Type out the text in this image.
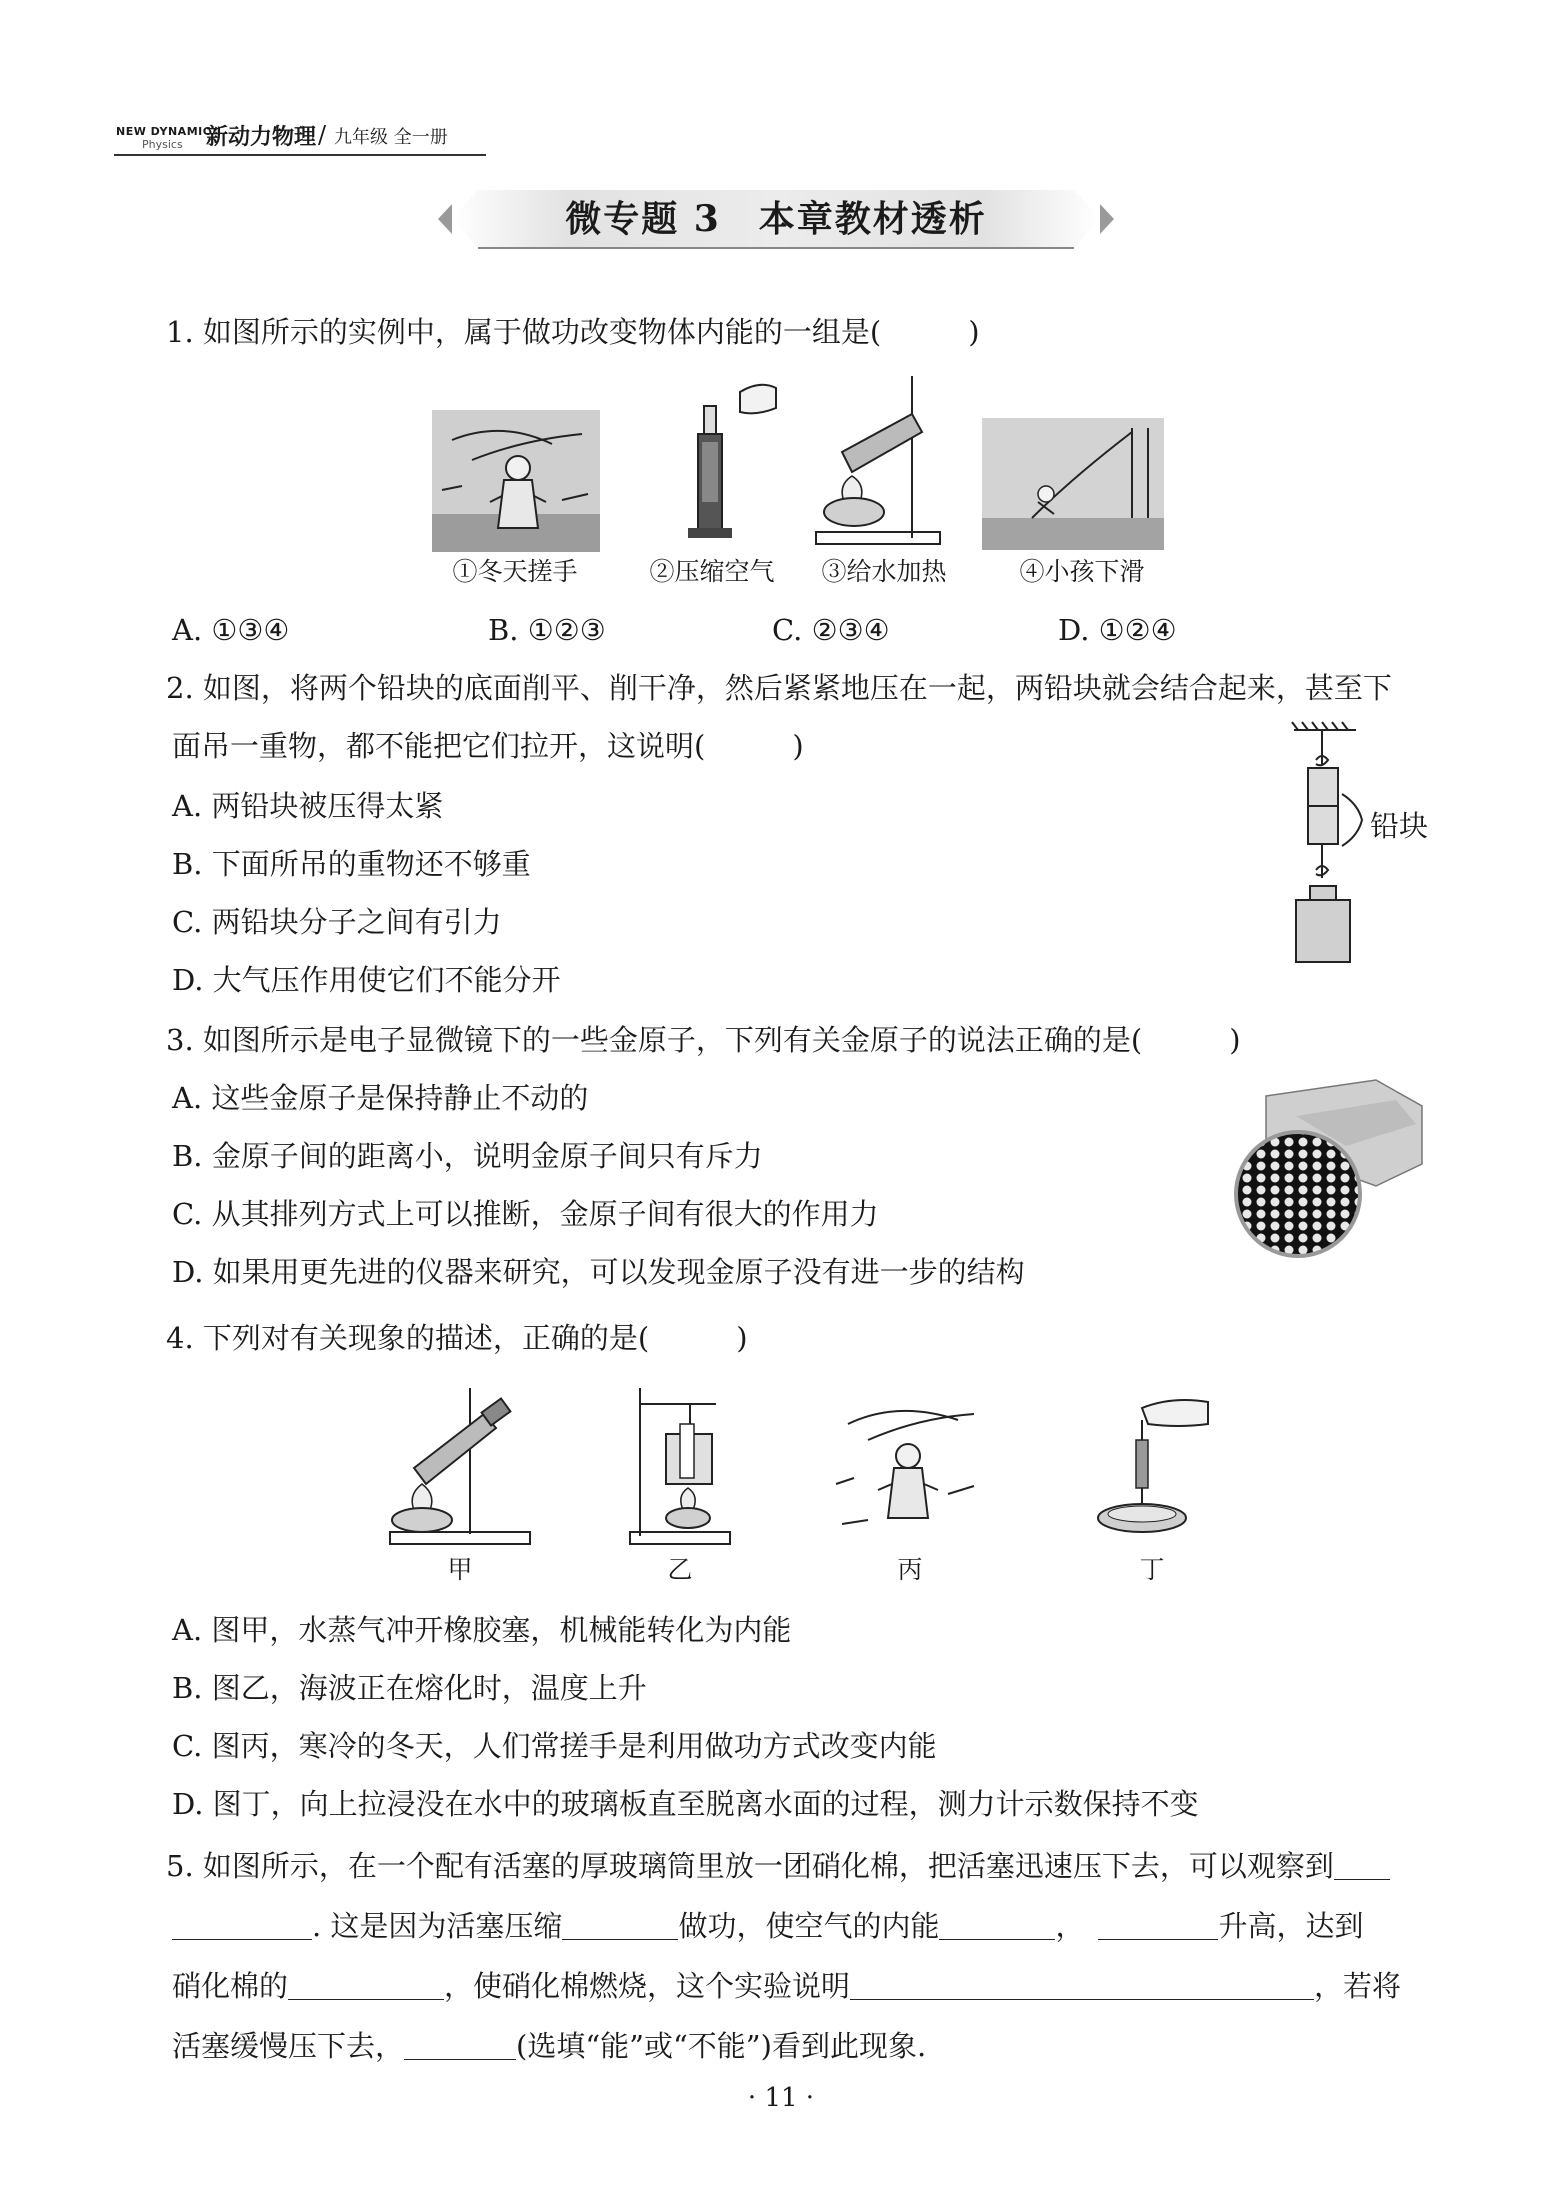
NEW DYNAMIC
Physics 新动力物理 / 九年级 全一册
微专题 3　本章教材透析
1. 如图所示的实例中，属于做功改变物体内能的一组是(　　　)
①冬天搓手	②压缩空气	③给水加热	④小孩下滑
A. ①③④	B. ①②③	C. ②③④	D. ①②④
2. 如图，将两个铅块的底面削平、削干净，然后紧紧地压在一起，两铅块就会结合起来，甚至下
面吊一重物，都不能把它们拉开，这说明(　　　)
A. 两铅块被压得太紧
B. 下面所吊的重物还不够重
C. 两铅块分子之间有引力
D. 大气压作用使它们不能分开
铅块
3. 如图所示是电子显微镜下的一些金原子，下列有关金原子的说法正确的是(　　　)
A. 这些金原子是保持静止不动的
B. 金原子间的距离小，说明金原子间只有斥力
C. 从其排列方式上可以推断，金原子间有很大的作用力
D. 如果用更先进的仪器来研究，可以发现金原子没有进一步的结构
4. 下列对有关现象的描述，正确的是(　　　)
甲	乙	丙	丁
A. 图甲，水蒸气冲开橡胶塞，机械能转化为内能
B. 图乙，海波正在熔化时，温度上升
C. 图丙，寒冷的冬天，人们常搓手是利用做功方式改变内能
D. 图丁，向上拉浸没在水中的玻璃板直至脱离水面的过程，测力计示数保持不变
5. 如图所示，在一个配有活塞的厚玻璃筒里放一团硝化棉，把活塞迅速压下去，可以观察到
. 这是因为活塞压缩	做功，使空气的内能	，	升高，达到
硝化棉的	，使硝化棉燃烧，这个实验说明	，若将
活塞缓慢压下去，	(选填“能”或“不能”)看到此现象.
· 11 ·
